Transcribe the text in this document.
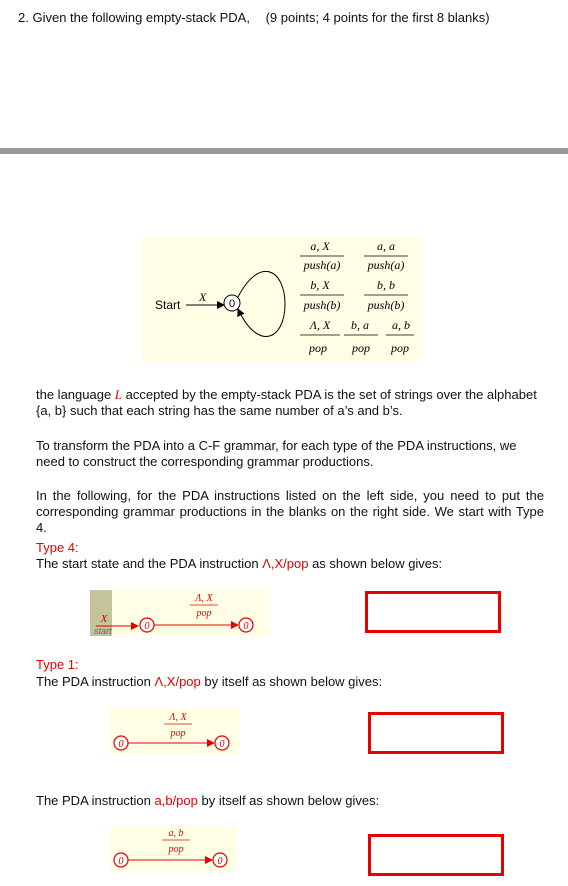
2. Given the following empty-stack PDA, (9 points; 4 points for the first 8 blanks)
Start
X 0
a, X
push(a)
a, a
push(a)
b, X
push(b)
b, b
push(b)
Λ, X
pop
b, a
pop
a, b
pop
start
X
0
Λ, X
pop
0
0
Λ, X
pop
0
0
a, b
pop
0
the language L accepted by the empty-stack PDA is the set of strings over the alphabet {a, b} such that each string has the same number of a’s and b’s.
To transform the PDA into a C-F grammar, for each type of the PDA instructions, we need to construct the corresponding grammar productions.
In the following, for the PDA instructions listed on the left side, you need to put the corresponding grammar productions in the blanks on the right side. We start with Type 4.
Type 4:
The start state and the PDA instruction Λ,X/pop as shown below gives:
Type 1:
The PDA instruction Λ,X/pop by itself as shown below gives:
The PDA instruction a,b/pop by itself as shown below gives:
